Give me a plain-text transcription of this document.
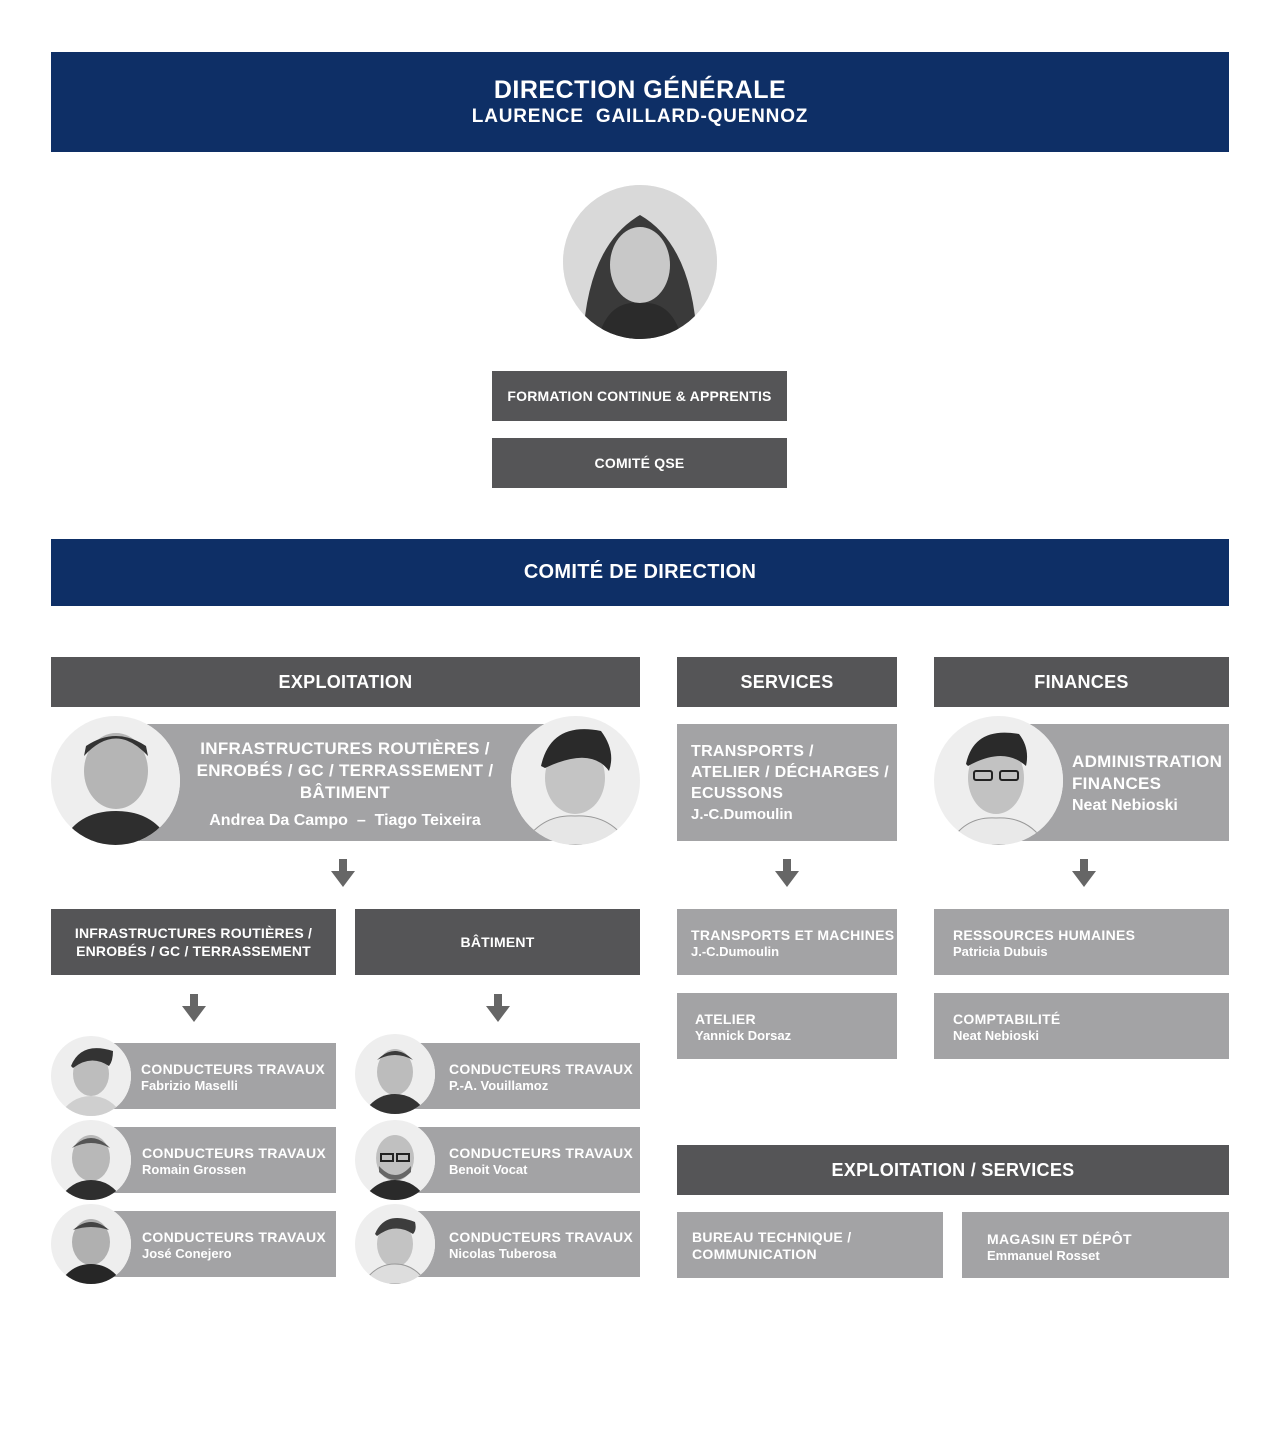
DIRECTION GÉNÉRALE
LAURENCE  GAILLARD-QUENNOZ
FORMATION CONTINUE & APPRENTIS
COMITÉ QSE
COMITÉ DE DIRECTION
EXPLOITATION	SERVICES	FINANCES
INFRASTRUCTURES ROUTIÈRES /
ENROBÉS / GC / TERRASSEMENT /
BÂTIMENT
Andrea Da Campo  –  Tiago Teixeira
TRANSPORTS /
ATELIER / DÉCHARGES /
ECUSSONS
J.-C.Dumoulin
ADMINISTRATION
FINANCES
Neat Nebioski
INFRASTRUCTURES ROUTIÈRES /
ENROBÉS / GC / TERRASSEMENT
BÂTIMENT	TRANSPORTS ET MACHINES
J.-C.Dumoulin
ATELIER
Yannick Dorsaz
RESSOURCES HUMAINES
Patricia Dubuis
COMPTABILITÉ
Neat Nebioski
CONDUCTEURS TRAVAUX
Fabrizio Maselli
CONDUCTEURS TRAVAUX
Romain Grossen
CONDUCTEURS TRAVAUX
José Conejero
CONDUCTEURS TRAVAUX
P.-A. Vouillamoz
CONDUCTEURS TRAVAUX
Benoit Vocat
CONDUCTEURS TRAVAUX
Nicolas Tuberosa
EXPLOITATION / SERVICES
BUREAU TECHNIQUE /
COMMUNICATION
MAGASIN ET DÉPÔT
Emmanuel Rosset
